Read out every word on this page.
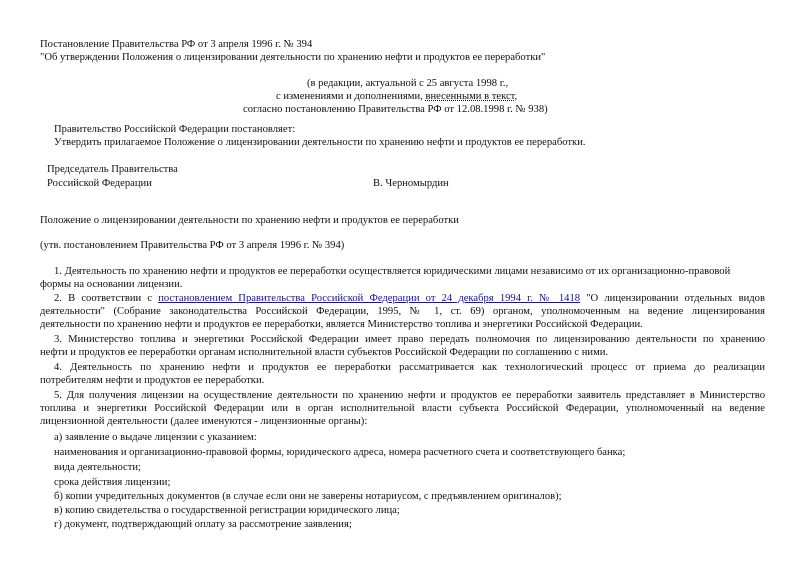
Постановление Правительства РФ от 3 апреля 1996 г. № 394
"Об утверждении Положения о лицензировании деятельности по хранению нефти и продуктов ее переработки"
(в редакции, актуальной с 25 августа 1998 г.,
с изменениями и дополнениями, внесенными в текст,
согласно постановлению Правительства РФ от 12.08.1998 г. № 938)
Правительство Российской Федерации постановляет:
Утвердить прилагаемое Положение о лицензировании деятельности по хранению нефти и продуктов ее переработки.
Председатель Правительства
Российской Федерации	В. Черномырдин
Положение о лицензировании деятельности по хранению нефти и продуктов ее переработки
(утв. постановлением Правительства РФ от 3 апреля 1996 г. № 394)
1. Деятельность по хранению нефти и продуктов ее переработки осуществляется юридическими лицами независимо от их организационно-правовой
формы на основании лицензии.
2. В соответствии с постановлением Правительства Российской Федерации от 24 декабря 1994 г. № 1418 "О лицензировании отдельных видов
деятельности" (Собрание законодательства Российской Федерации, 1995, № 1, ст. 69) органом, уполномоченным на ведение лицензирования
деятельности по хранению нефти и продуктов ее переработки, является Министерство топлива и энергетики Российской Федерации.
3. Министерство топлива и энергетики Российской Федерации имеет право передать полномочия по лицензированию деятельности по хранению
нефти и продуктов ее переработки органам исполнительной власти субъектов Российской Федерации по соглашению с ними.
4. Деятельность по хранению нефти и продуктов ее переработки рассматривается как технологический процесс от приема до реализации
потребителям нефти и продуктов ее переработки.
5. Для получения лицензии на осуществление деятельности по хранению нефти и продуктов ее переработки заявитель представляет в Министерство
топлива и энергетики Российской Федерации или в орган исполнительной власти субъекта Российской Федерации, уполномоченный на ведение
лицензионной деятельности (далее именуются - лицензионные органы):
а) заявление о выдаче лицензии с указанием:
наименования и организационно-правовой формы, юридического адреса, номера расчетного счета и соответствующего банка;
вида деятельности;
срока действия лицензии;
б) копии учредительных документов (в случае если они не заверены нотариусом, с предъявлением оригиналов);
в) копию свидетельства о государственной регистрации юридического лица;
г) документ, подтверждающий оплату за рассмотрение заявления;
